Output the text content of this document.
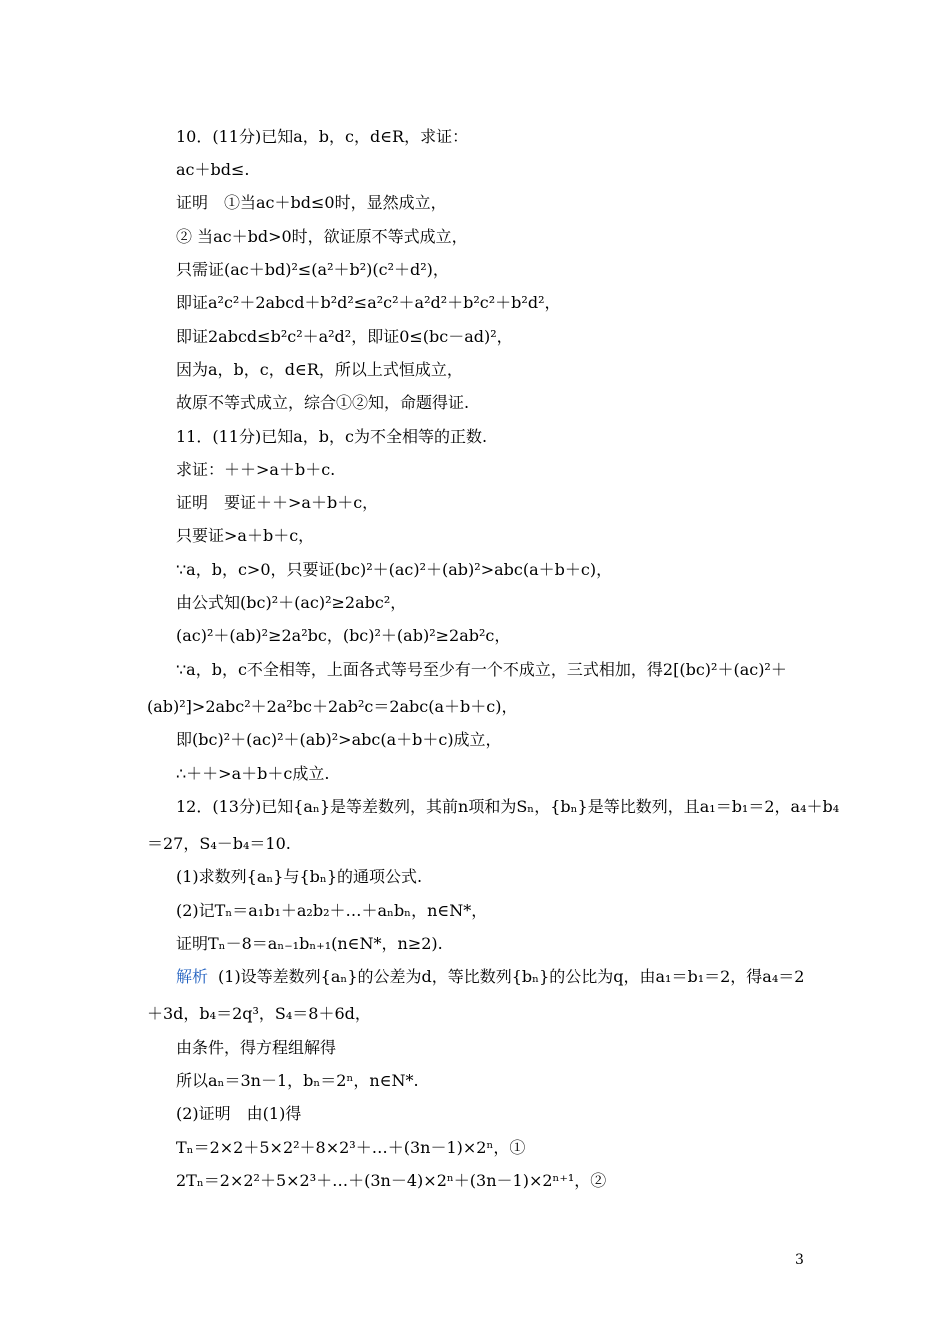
10．(11分)已知a，b，c，d∈R，求证：
ac＋bd≤.
证明　①当ac＋bd≤0时，显然成立，
② 当ac＋bd>0时，欲证原不等式成立，
只需证(ac＋bd)²≤(a²＋b²)(c²＋d²)，
即证a²c²＋2abcd＋b²d²≤a²c²＋a²d²＋b²c²＋b²d²，
即证2abcd≤b²c²＋a²d²，即证0≤(bc－ad)²，
因为a，b，c，d∈R，所以上式恒成立，
故原不等式成立，综合①②知，命题得证.
11．(11分)已知a，b，c为不全相等的正数.
求证：＋＋>a＋b＋c.
证明　要证＋＋>a＋b＋c，
只要证>a＋b＋c，
∵a，b，c>0，只要证(bc)²＋(ac)²＋(ab)²>abc(a＋b＋c)，
由公式知(bc)²＋(ac)²≥2abc²，
(ac)²＋(ab)²≥2a²bc，(bc)²＋(ab)²≥2ab²c，
∵a，b，c不全相等，上面各式等号至少有一个不成立，三式相加，得2[(bc)²＋(ac)²＋
(ab)²]>2abc²＋2a²bc＋2ab²c＝2abc(a＋b＋c)，
即(bc)²＋(ac)²＋(ab)²>abc(a＋b＋c)成立，
∴＋＋>a＋b＋c成立.
12．(13分)已知{aₙ}是等差数列，其前n项和为Sₙ，{bₙ}是等比数列，且a₁＝b₁＝2，a₄＋b₄
＝27，S₄－b₄＝10.
(1)求数列{aₙ}与{bₙ}的通项公式.
(2)记Tₙ＝a₁b₁＋a₂b₂＋…＋aₙbₙ，n∈N*，
证明Tₙ－8＝aₙ₋₁bₙ₊₁(n∈N*，n≥2).
解析 (1)设等差数列{aₙ}的公差为d，等比数列{bₙ}的公比为q，由a₁＝b₁＝2，得a₄＝2
＋3d，b₄＝2q³，S₄＝8＋6d，
由条件，得方程组解得
所以aₙ＝3n－1，bₙ＝2ⁿ，n∈N*.
(2)证明　由(1)得
Tₙ＝2×2＋5×2²＋8×2³＋…＋(3n－1)×2ⁿ，①
2Tₙ＝2×2²＋5×2³＋…＋(3n－4)×2ⁿ＋(3n－1)×2ⁿ⁺¹，②
3
